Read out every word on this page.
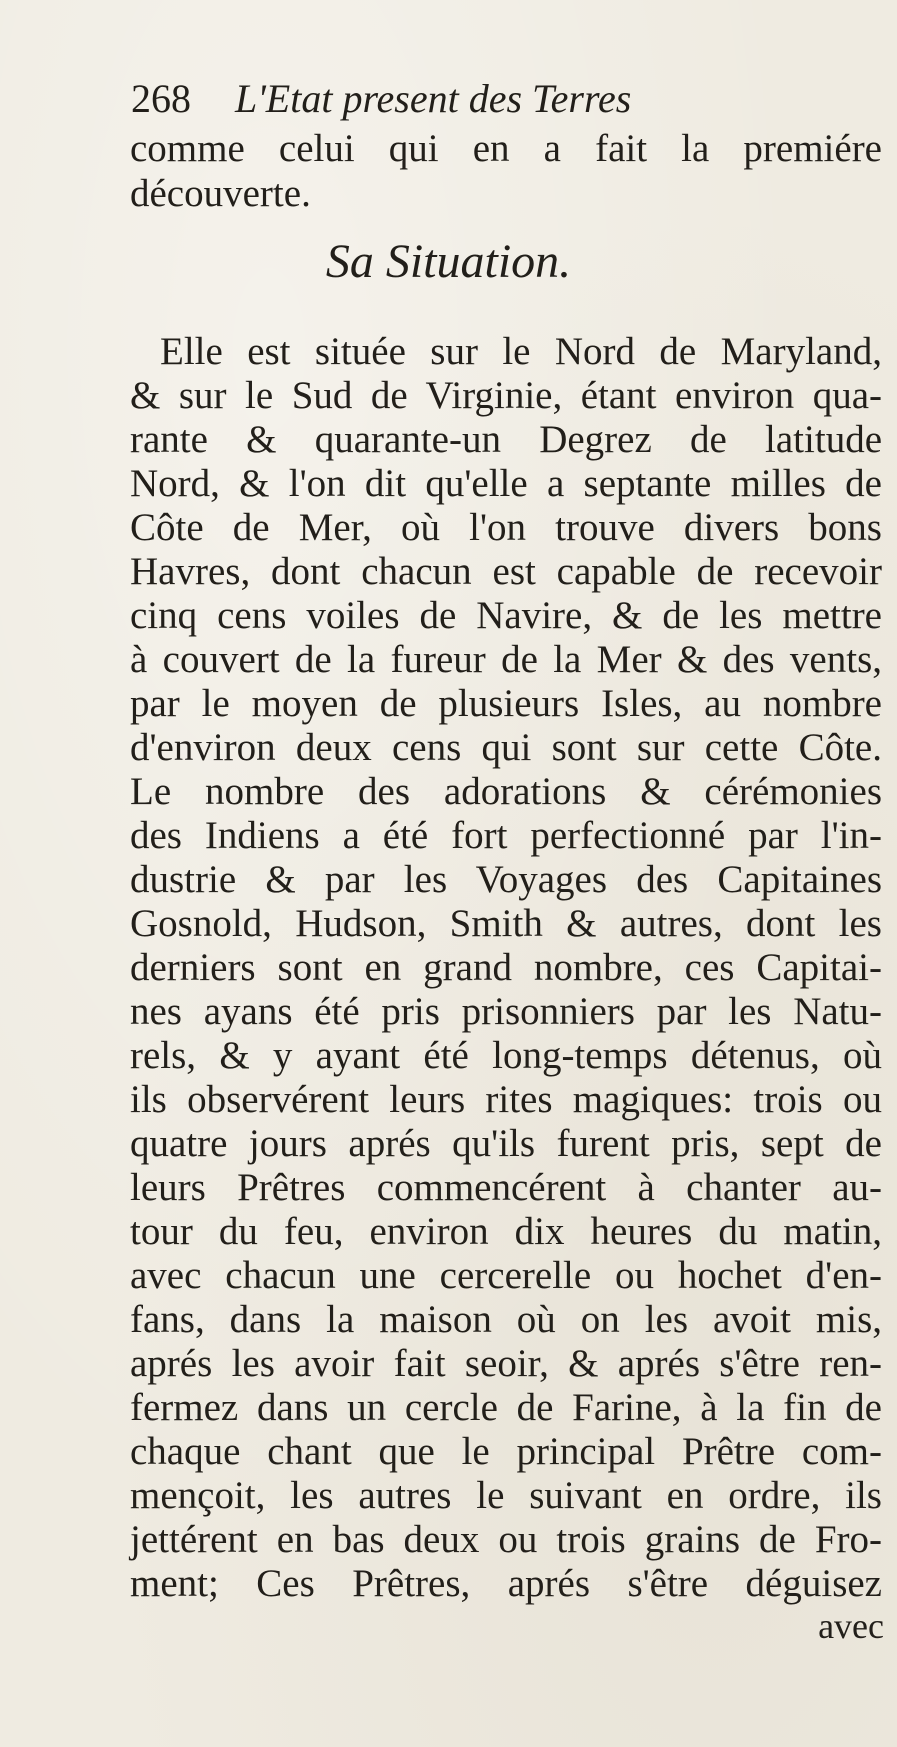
268 L'Etat present des Terres
comme celui qui en a fait la premiére
découverte.
Sa Situation.
Elle est située sur le Nord de Maryland,
& sur le Sud de Virginie, étant environ qua-
rante & quarante-un Degrez de latitude
Nord, & l'on dit qu'elle a septante milles de
Côte de Mer, où l'on trouve divers bons
Havres, dont chacun est capable de recevoir
cinq cens voiles de Navire, & de les mettre
à couvert de la fureur de la Mer & des vents,
par le moyen de plusieurs Isles, au nombre
d'environ deux cens qui sont sur cette Côte.
Le nombre des adorations & cérémonies
des Indiens a été fort perfectionné par l'in-
dustrie & par les Voyages des Capitaines
Gosnold, Hudson, Smith & autres, dont les
derniers sont en grand nombre, ces Capitai-
nes ayans été pris prisonniers par les Natu-
rels, & y ayant été long-temps détenus, où
ils observérent leurs rites magiques: trois ou
quatre jours aprés qu'ils furent pris, sept de
leurs Prêtres commencérent à chanter au-
tour du feu, environ dix heures du matin,
avec chacun une cercerelle ou hochet d'en-
fans, dans la maison où on les avoit mis,
aprés les avoir fait seoir, & aprés s'être ren-
fermez dans un cercle de Farine, à la fin de
chaque chant que le principal Prêtre com-
mençoit, les autres le suivant en ordre, ils
jettérent en bas deux ou trois grains de Fro-
ment; Ces Prêtres, aprés s'être déguisez
avec
